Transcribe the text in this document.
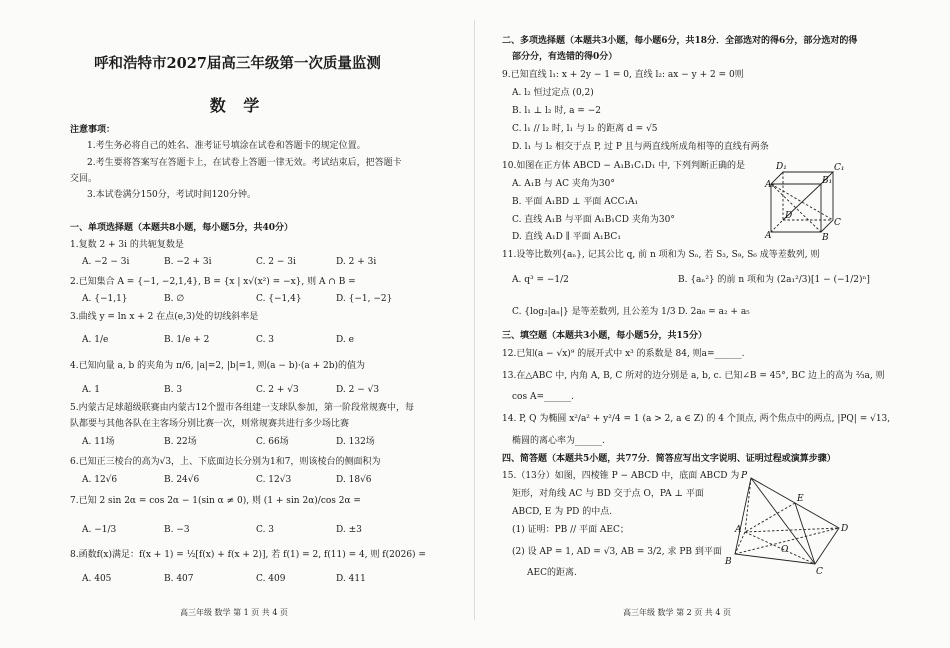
呼和浩特市2027届高三年级第一次质量监测
数 学
注意事项：
1.考生务必将自己的姓名、准考证号填涂在试卷和答题卡的规定位置。
2.考生要将答案写在答题卡上，在试卷上答题一律无效。考试结束后，把答题卡
交回。
3.本试卷满分150分，考试时间120分钟。
一、单项选择题（本题共8小题，每小题5分，共40分）
1.复数 2 + 3i 的共轭复数是
A. −2 − 3i	B. −2 + 3i	C. 2 − 3i	D. 2 + 3i
2.已知集合 A = {−1, −2,1,4}, B = {x | x√(x²) = −x}, 则 A ∩ B =
A. {−1,1}	B. ∅	C. {−1,4}	D. {−1, −2}
3.曲线 y = ln x + 2 在点(e,3)处的切线斜率是
A. 1/e	B. 1/e + 2	C. 3	D. e
4.已知向量 a, b 的夹角为 π/6, |a|=2, |b|=1, 则(a − b)·(a + 2b)的值为
A. 1	B. 3	C. 2 + √3	D. 2 − √3
5.内蒙古足球超级联赛由内蒙古12个盟市各组建一支球队参加，第一阶段常规赛中，每
队都要与其他各队在主客场分别比赛一次，则常规赛共进行多少场比赛
A. 11场	B. 22场	C. 66场	D. 132场
6.已知正三棱台的高为√3，上、下底面边长分别为1和7，则该棱台的侧面积为
A. 12√6	B. 24√6	C. 12√3	D. 18√6
7.已知 2 sin 2α = cos 2α − 1(sin α ≠ 0), 则 (1 + sin 2α)/cos 2α =
A. −1/3	B. −3	C. 3	D. ±3
8.函数f(x)满足：f(x + 1) = ½[f(x) + f(x + 2)], 若 f(1) = 2, f(11) = 4, 则 f(2026) =
A. 405	B. 407	C. 409	D. 411
高三年级 数学 第 1 页 共 4 页
二、多项选择题（本题共3小题，每小题6分，共18分．全部选对的得6分，部分选对的得
部分分，有选错的得0分）
9.已知直线 l₁: x + 2y − 1 = 0, 直线 l₂: ax − y + 2 = 0则
A. l₂ 恒过定点 (0,2)
B. l₁ ⊥ l₂ 时, a = −2
C. l₁ // l₂ 时, l₁ 与 l₂ 的距离 d = √5
D. l₁ 与 l₂ 相交于点 P, 过 P 且与两直线所成角相等的直线有两条
10.如图在正方体 ABCD − A₁B₁C₁D₁ 中, 下列判断正确的是
A. A₁B 与 AC 夹角为30°
B. 平面 A₁BD ⊥ 平面 ACC₁A₁
C. 直线 A₁B 与平面 A₁B₁CD 夹角为30°
D. 直线 A₁D ∥ 平面 A₁BC₁
D₁	C₁
A₁	B₁
A	B
C
D
11.设等比数列{aₙ}, 记其公比 q, 前 n 项和为 Sₙ, 若 S₃, S₉, S₆ 成等差数列, 则
A. q³ = −1/2	B. {aₙ²} 的前 n 项和为 (2a₁²/3)[1 − (−1/2)ⁿ]
C. {log₂|aₙ|} 是等差数列, 且公差为 1/3 D. 2a₈ = a₂ + a₅
三、填空题（本题共3小题，每小题5分，共15分）
12.已知(a − √x)⁹ 的展开式中 x³ 的系数是 84, 则a=______.
13.在△ABC 中, 内角 A, B, C 所对的边分别是 a, b, c. 已知∠B = 45°, BC 边上的高为 ⅔a, 则
cos A=______.
14. P, Q 为椭圆 x²/a² + y²/4 = 1 (a > 2, a ∈ Z) 的 4 个顶点, 两个焦点中的两点, |PQ| = √13,
椭圆的离心率为______.
四、简答题（本题共5小题，共77分．简答应写出文字说明、证明过程或演算步骤）
15.（13分）如图，四棱锥 P − ABCD 中，底面 ABCD 为
矩形，对角线 AC 与 BD 交于点 O，PA ⊥ 平面
ABCD, E 为 PD 的中点.
(1) 证明：PB // 平面 AEC；
(2) 设 AP = 1, AD = √3, AB = 3/2, 求 PB 到平面
AEC的距离.
P
E
A	D
O
B
C
高三年级 数学 第 2 页 共 4 页
